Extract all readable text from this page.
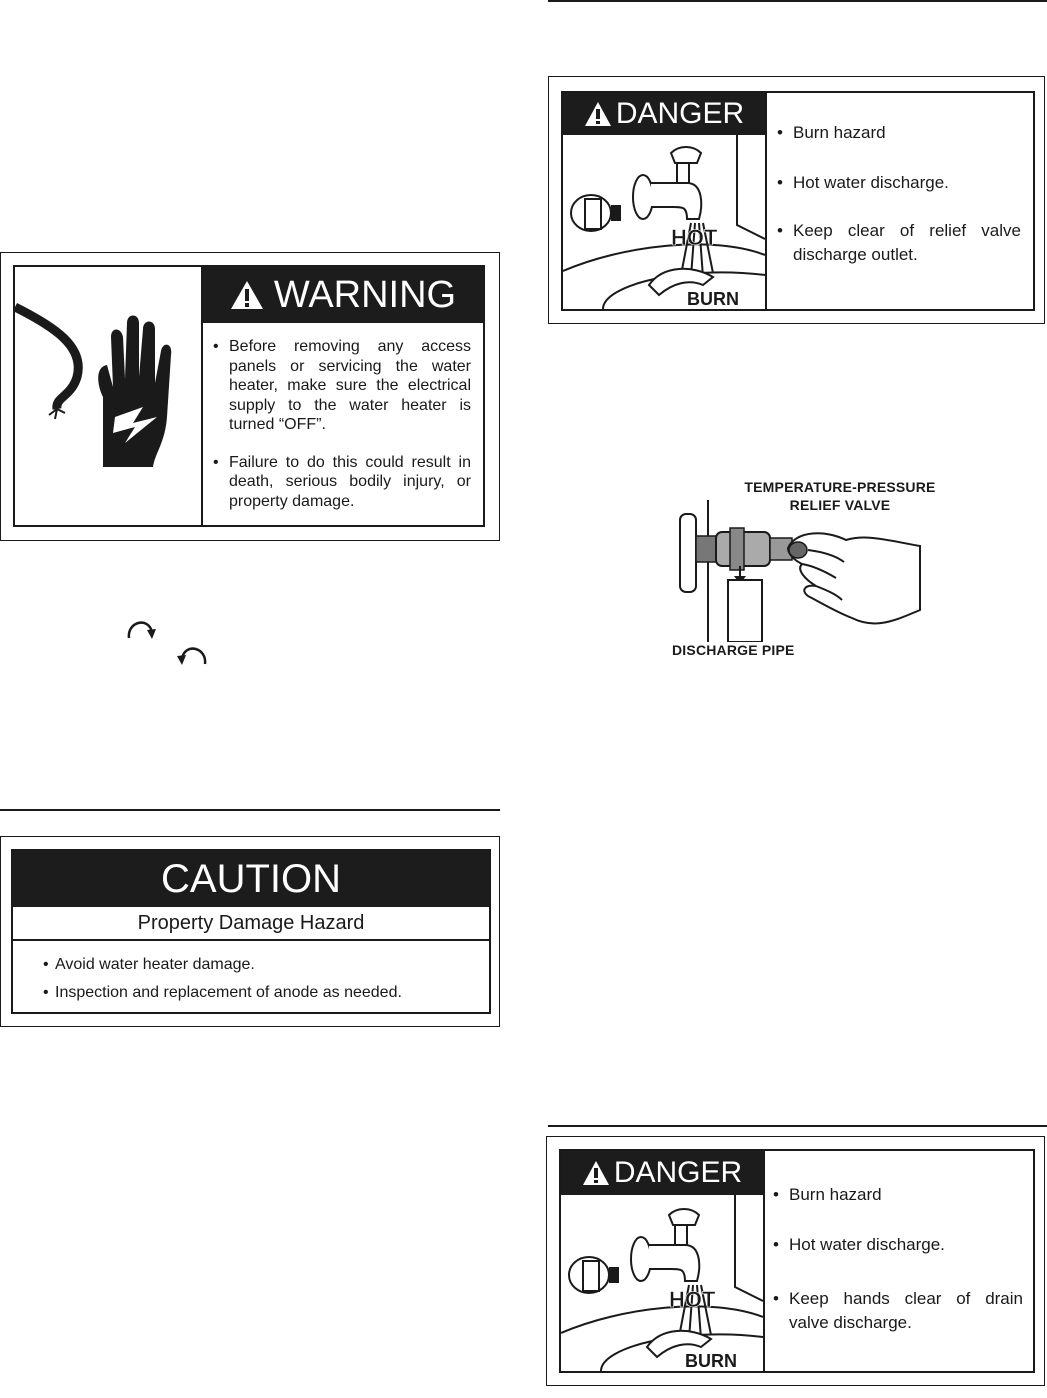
WARNING
• Before removing any access panels or servicing the water heater, make sure the electrical supply to the water heater is turned “OFF”.
• Failure to do this could result in death, serious bodily injury, or property damage.
CAUTION
Property Damage Hazard
• Avoid water heater damage.
• Inspection and replacement of anode as needed.
DANGER
HOT
BURN
• Burn hazard
• Hot water discharge.
• Keep clear of relief valve discharge outlet.
TEMPERATURE-PRESSURE
RELIEF VALVE
DISCHARGE PIPE
DANGER
HOT
BURN
• Burn hazard
• Hot water discharge.
• Keep hands clear of drain valve discharge.
